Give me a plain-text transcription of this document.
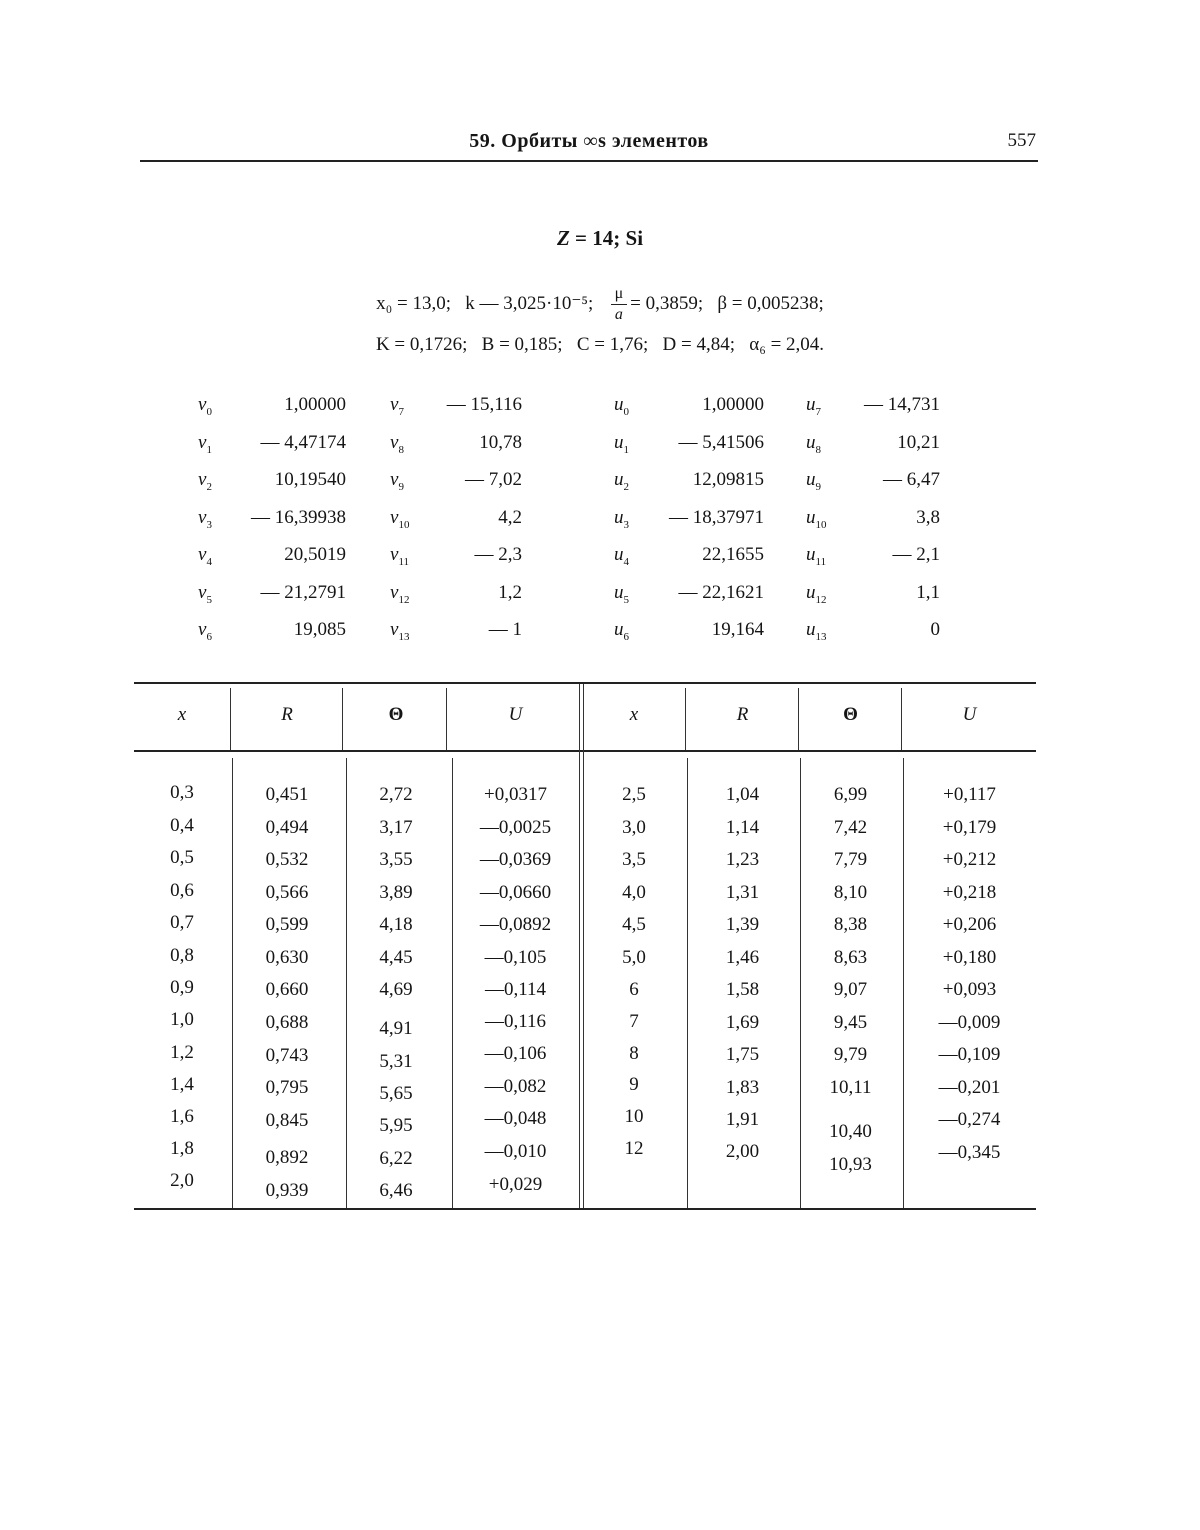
59. Орбиты ∞s элементов	557
Z = 14; Si
x₀ = 13,0; k — 3,025·10⁻⁵; μ
a
= 0,3859; β = 0,005238;
K = 0,1726; B = 0,185; C = 1,76; D = 4,84; α₆ = 2,04.
v0	1,00000
v1	— 4,47174
v2	10,19540
v3 — 16,39938
v4	20,5019
v5	— 21,2791
v6	19,085
v7 — 15,116
v8	10,78
v9	— 7,02
v10	4,2
v11	— 2,3
v12	1,2
v13	— 1
u0	1,00000
u1	— 5,41506
u2	12,09815
u3 — 18,37971
u4	22,1655
u5	— 22,1621
u6	19,164
u7 — 14,731
u8	10,21
u9	— 6,47
u10	3,8
u11	— 2,1
u12	1,1
u13	0
x	R	Θ	U	x	R	Θ	U
0,3
0,4
0,5
0,6
0,7
0,8
0,9
1,0
1,2
1,4
1,6
1,8
2,0
0,451
0,494
0,532
0,566
0,599
0,630
0,660
0,688
0,743
0,795
0,845
0,892
0,939
2,72
3,17
3,55
3,89
4,18
4,45
4,69
4,91
5,31
5,65
5,95
6,22
6,46
+0,0317
—0,0025
—0,0369
—0,0660
—0,0892
—0,105
—0,114
—0,116
—0,106
—0,082
—0,048
—0,010
+0,029
2,5
3,0
3,5
4,0
4,5
5,0
6
7
8
9
10
12
1,04
1,14
1,23
1,31
1,39
1,46
1,58
1,69
1,75
1,83
1,91
2,00
6,99
7,42
7,79
8,10
8,38
8,63
9,07
9,45
9,79
10,11
10,40
10,93
+0,117
+0,179
+0,212
+0,218
+0,206
+0,180
+0,093
—0,009
—0,109
—0,201
—0,274
—0,345
